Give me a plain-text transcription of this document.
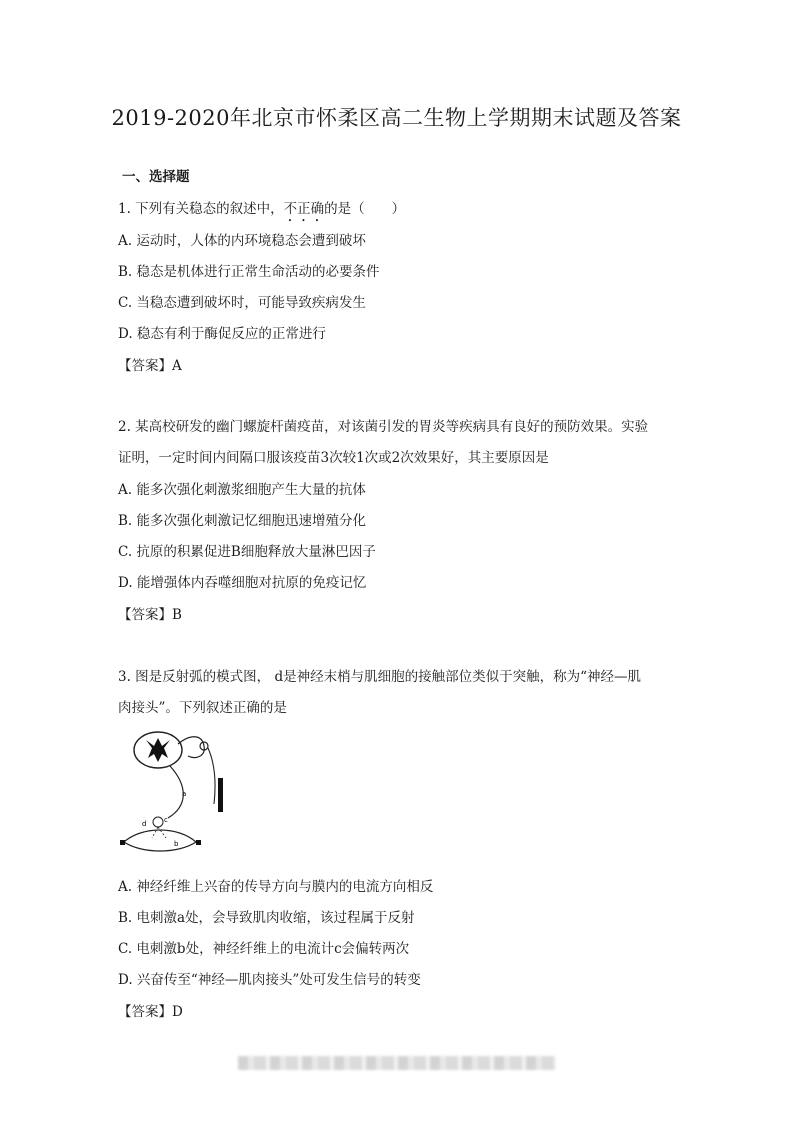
2019-2020年北京市怀柔区高二生物上学期期末试题及答案
一、选择题
1. 下列有关稳态的叙述中，不正确的是（　　）
A. 运动时，人体的内环境稳态会遭到破坏
B. 稳态是机体进行正常生命活动的必要条件
C. 当稳态遭到破坏时，可能导致疾病发生
D. 稳态有利于酶促反应的正常进行
【答案】A
2. 某高校研发的幽门螺旋杆菌疫苗，对该菌引发的胃炎等疾病具有良好的预防效果。实验
证明，一定时间内间隔口服该疫苗3次较1次或2次效果好，其主要原因是
A. 能多次强化刺激浆细胞产生大量的抗体
B. 能多次强化刺激记忆细胞迅速增殖分化
C. 抗原的积累促进B细胞释放大量淋巴因子
D. 能增强体内吞噬细胞对抗原的免疫记忆
【答案】B
3. 图是反射弧的模式图， d是神经末梢与肌细胞的接触部位类似于突触，称为“神经—肌
肉接头”。下列叙述正确的是
a
b
c
d
A. 神经纤维上兴奋的传导方向与膜内的电流方向相反
B. 电刺激a处，会导致肌肉收缩，该过程属于反射
C. 电刺激b处，神经纤维上的电流计c会偏转两次
D. 兴奋传至“神经—肌肉接头”处可发生信号的转变
【答案】D
